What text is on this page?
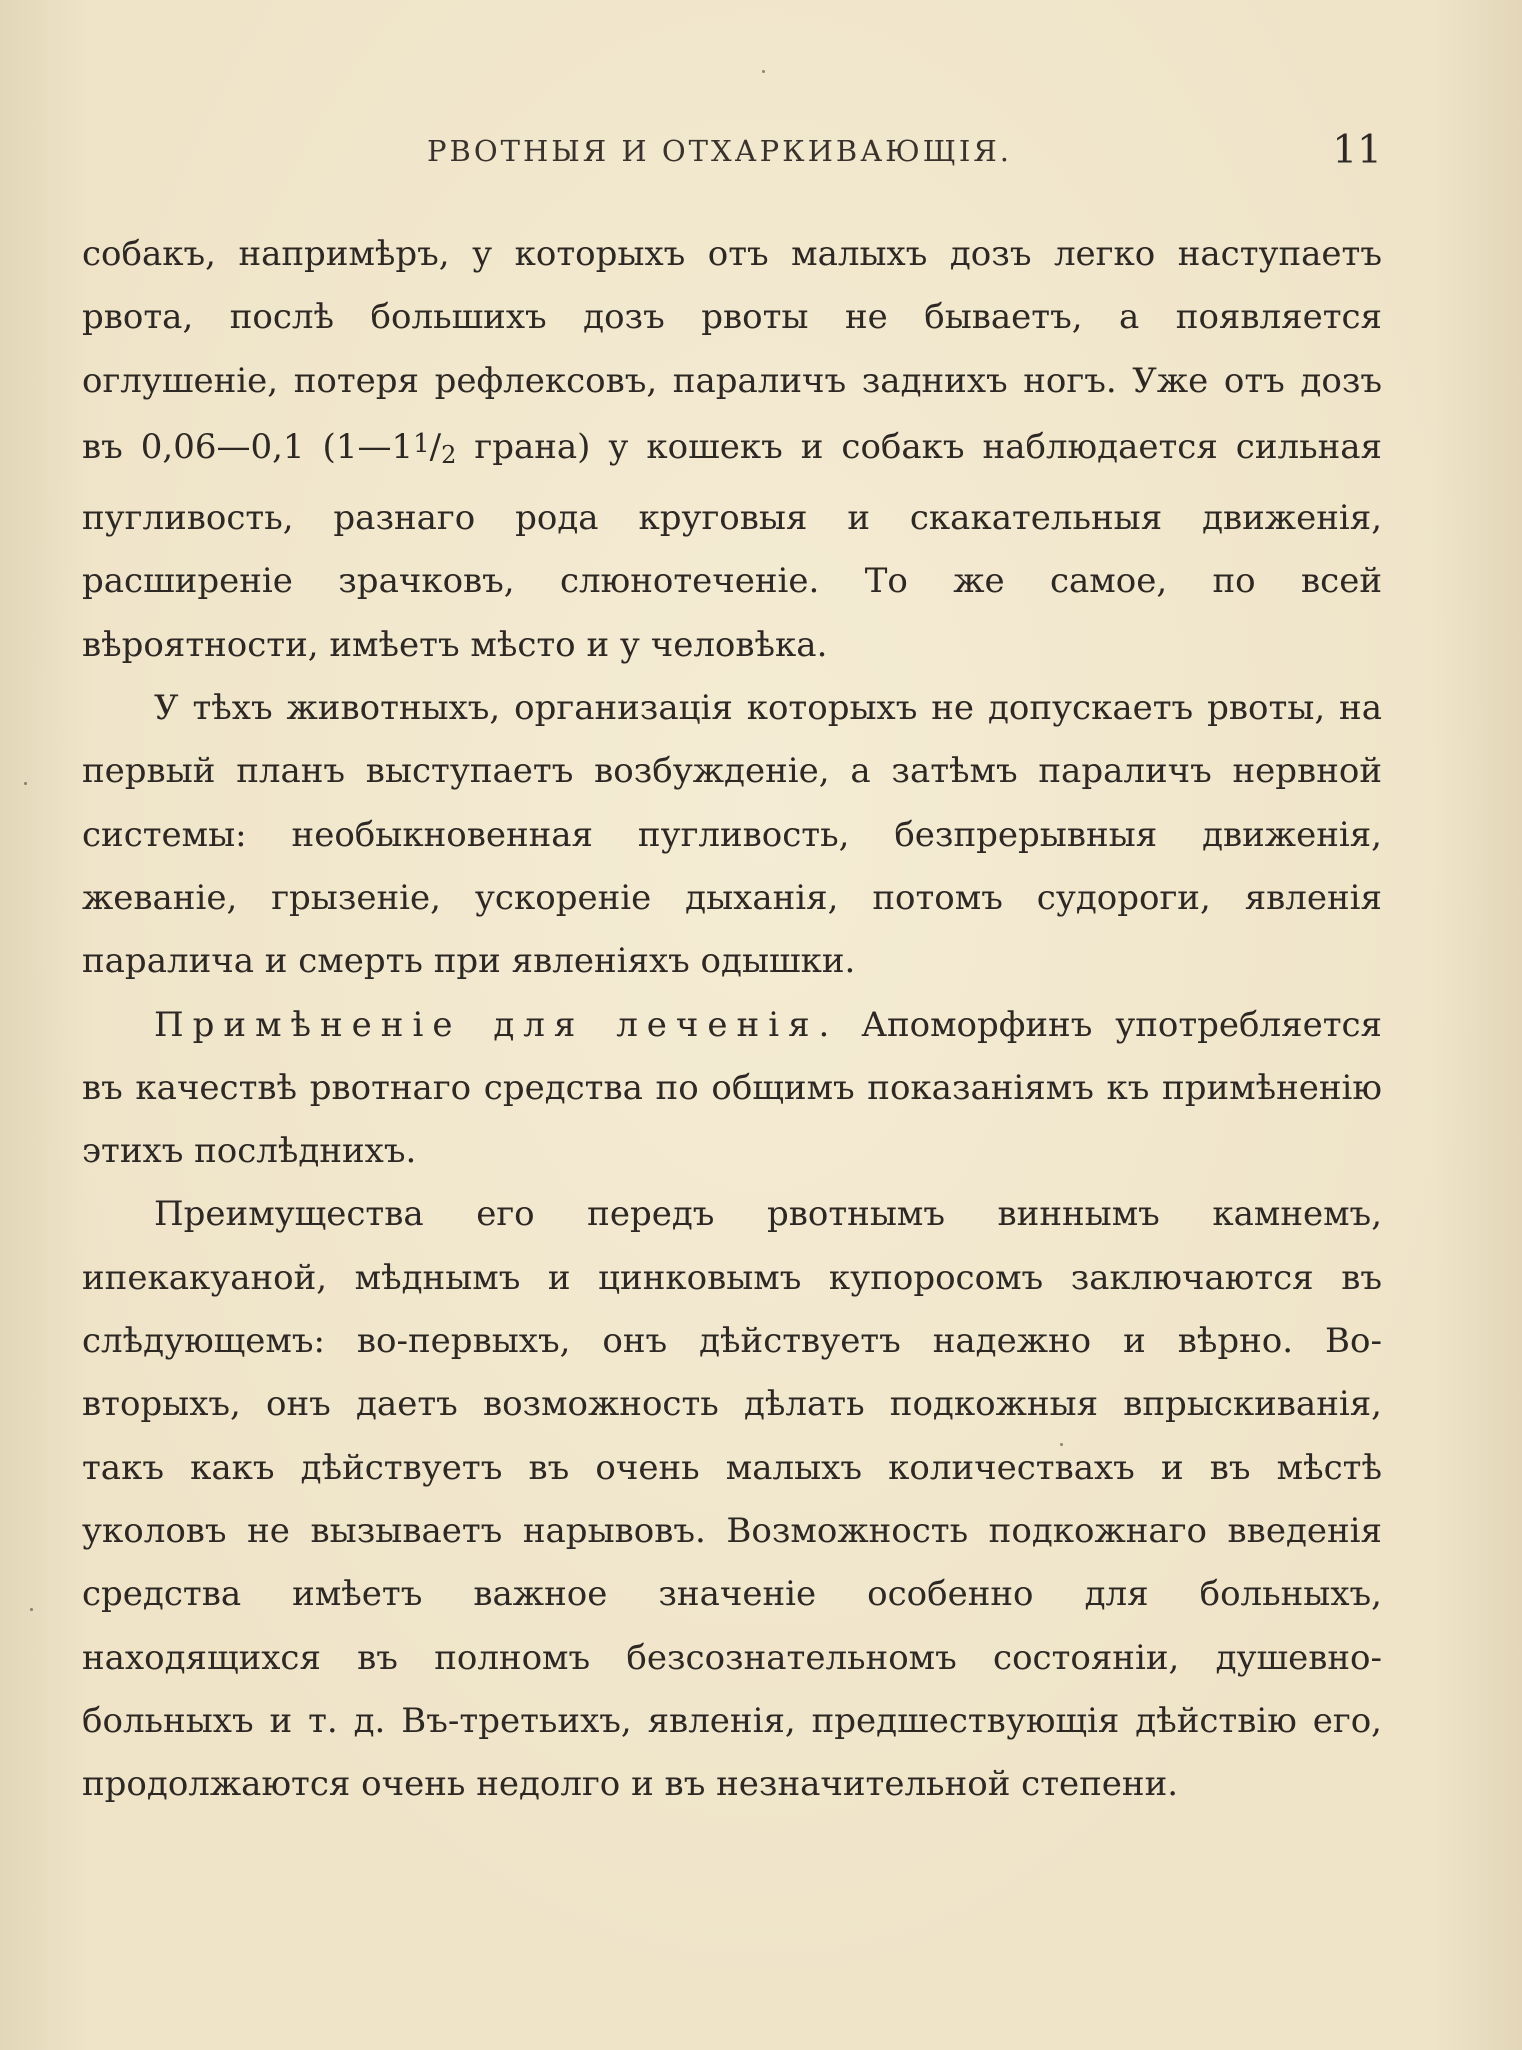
РВОТНЫЯ И ОТХАРКИВАЮЩІЯ.	11

собакъ, напримѣръ, у которыхъ отъ малыхъ дозъ легко наступаетъ рвота, послѣ большихъ дозъ рвоты не бываетъ, а появляется оглушеніе, потеря рефлексовъ, параличъ заднихъ ногъ. Уже отъ дозъ въ 0,06—0,1 (1—11/2 грана) у кошекъ и собакъ наблюдается сильная пугливость, разнаго рода круговыя и скакательныя движенія, расширеніе зрачковъ, слюнотеченіе. То же самое, по всей вѣроятности, имѣетъ мѣсто и у человѣка.

У тѣхъ животныхъ, организація которыхъ не допускаетъ рвоты, на первый планъ выступаетъ возбужденіе, а затѣмъ параличъ нервной системы: необыкновенная пугливость, безпрерывныя движенія, жеваніе, грызеніе, ускореніе дыханія, потомъ судороги, явленія паралича и смерть при явленіяхъ одышки.

Примѣненіе для леченія. Апоморфинъ употребляется въ качествѣ рвотнаго средства по общимъ показаніямъ къ примѣненію этихъ послѣднихъ.

Преимущества его передъ рвотнымъ виннымъ камнемъ, ипекакуаной, мѣднымъ и цинковымъ купоросомъ заключаются въ слѣдующемъ: во-первыхъ, онъ дѣйствуетъ надежно и вѣрно. Во-вторыхъ, онъ даетъ возможность дѣлать подкожныя впрыскиванія, такъ какъ дѣйствуетъ въ очень малыхъ количествахъ и въ мѣстѣ уколовъ не вызываетъ нарывовъ. Возможность подкожнаго введенія средства имѣетъ важное значеніе особенно для больныхъ, находящихся въ полномъ безсознательномъ состояніи, душевно-больныхъ и т. д. Въ-третьихъ, явленія, предшествующія дѣйствію его, продолжаются очень недолго и въ незначительной степени.
